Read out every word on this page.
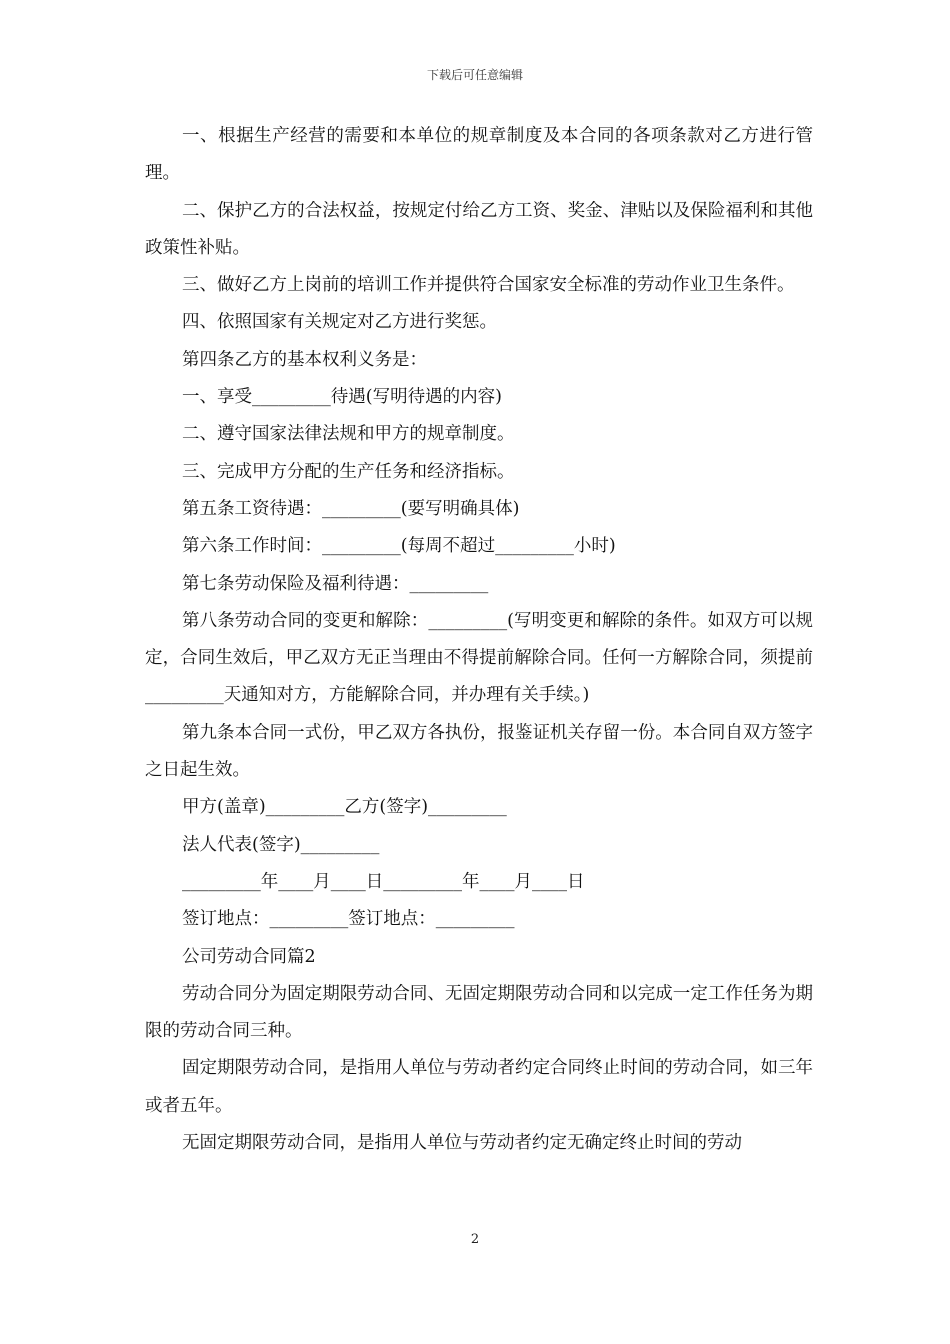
下载后可任意编辑

一、根据生产经营的需要和本单位的规章制度及本合同的各项条款对乙方进行管理。

二、保护乙方的合法权益，按规定付给乙方工资、奖金、津贴以及保险福利和其他政策性补贴。

三、做好乙方上岗前的培训工作并提供符合国家安全标准的劳动作业卫生条件。

四、依照国家有关规定对乙方进行奖惩。

第四条乙方的基本权利义务是：

一、享受_________待遇(写明待遇的内容)

二、遵守国家法律法规和甲方的规章制度。

三、完成甲方分配的生产任务和经济指标。

第五条工资待遇：_________(要写明确具体)

第六条工作时间：_________(每周不超过_________小时)

第七条劳动保险及福利待遇：_________

第八条劳动合同的变更和解除：_________(写明变更和解除的条件。如双方可以规定，合同生效后，甲乙双方无正当理由不得提前解除合同。任何一方解除合同，须提前_________天通知对方，方能解除合同，并办理有关手续。)

第九条本合同一式份，甲乙双方各执份，报鉴证机关存留一份。本合同自双方签字之日起生效。

甲方(盖章)_________乙方(签字)_________

法人代表(签字)_________

_________年____月____日_________年____月____日

签订地点：_________签订地点：_________

公司劳动合同篇2

劳动合同分为固定期限劳动合同、无固定期限劳动合同和以完成一定工作任务为期限的劳动合同三种。

固定期限劳动合同，是指用人单位与劳动者约定合同终止时间的劳动合同，如三年或者五年。

无固定期限劳动合同，是指用人单位与劳动者约定无确定终止时间的劳动

2
